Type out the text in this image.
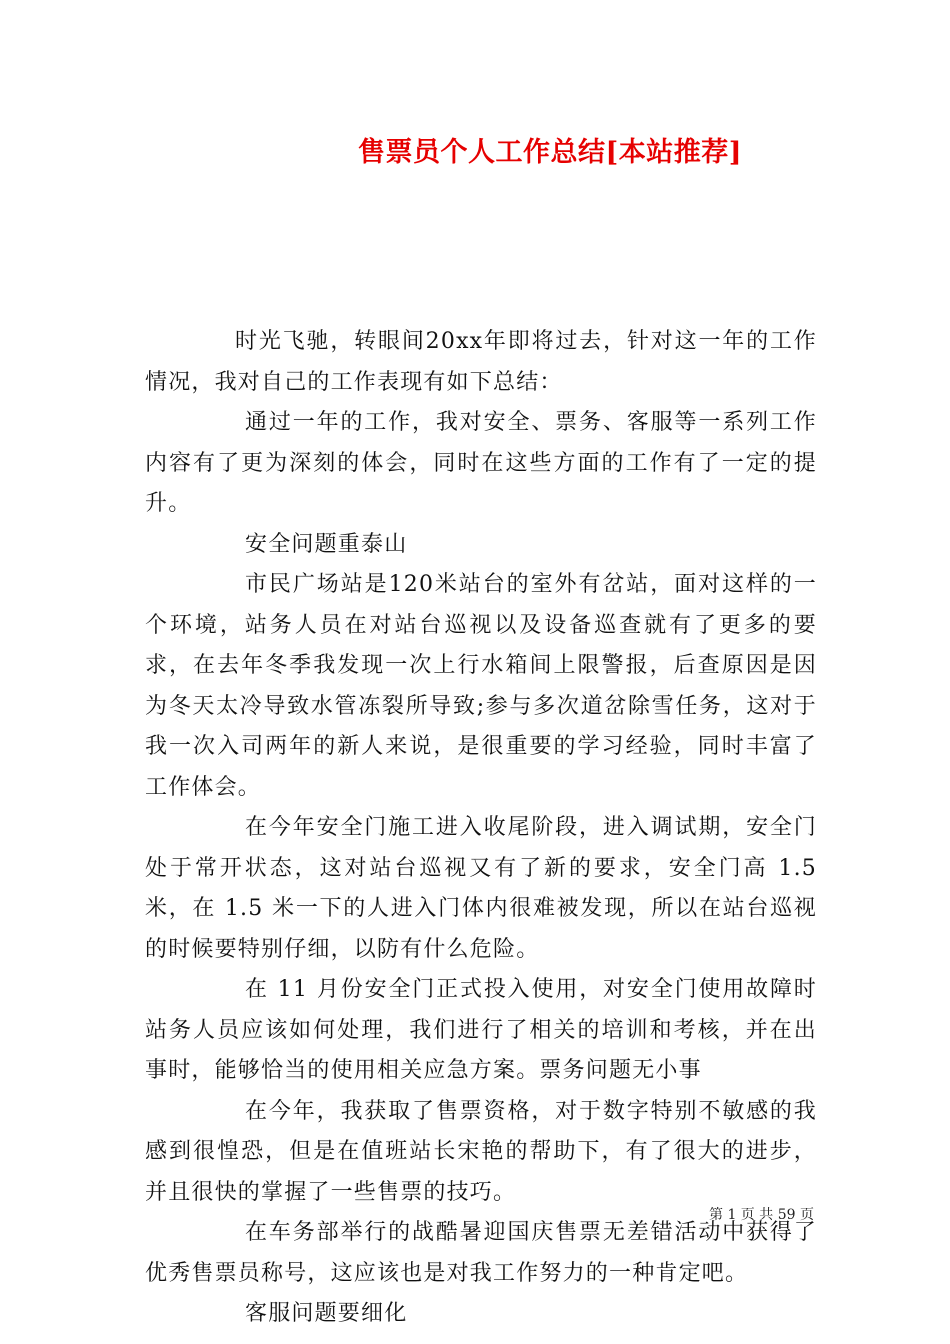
售票员个人工作总结[本站推荐]

时光飞驰，转眼间20xx年即将过去，针对这一年的工作情况，我对自己的工作表现有如下总结：

通过一年的工作，我对安全、票务、客服等一系列工作内容有了更为深刻的体会，同时在这些方面的工作有了一定的提升。

安全问题重泰山

市民广场站是120米站台的室外有岔站，面对这样的一个环境，站务人员在对站台巡视以及设备巡查就有了更多的要求，在去年冬季我发现一次上行水箱间上限警报，后查原因是因为冬天太冷导致水管冻裂所导致;参与多次道岔除雪任务，这对于我一次入司两年的新人来说，是很重要的学习经验，同时丰富了工作体会。

在今年安全门施工进入收尾阶段，进入调试期，安全门处于常开状态，这对站台巡视又有了新的要求，安全门高 1.5 米，在 1.5 米一下的人进入门体内很难被发现，所以在站台巡视的时候要特别仔细，以防有什么危险。

在 11 月份安全门正式投入使用，对安全门使用故障时站务人员应该如何处理，我们进行了相关的培训和考核，并在出事时，能够恰当的使用相关应急方案。票务问题无小事

在今年，我获取了售票资格，对于数字特别不敏感的我感到很惶恐，但是在值班站长宋艳的帮助下，有了很大的进步，并且很快的掌握了一些售票的技巧。

在车务部举行的战酷暑迎国庆售票无差错活动中获得了优秀售票员称号，这应该也是对我工作努力的一种肯定吧。

客服问题要细化

第 1 页 共 59 页
